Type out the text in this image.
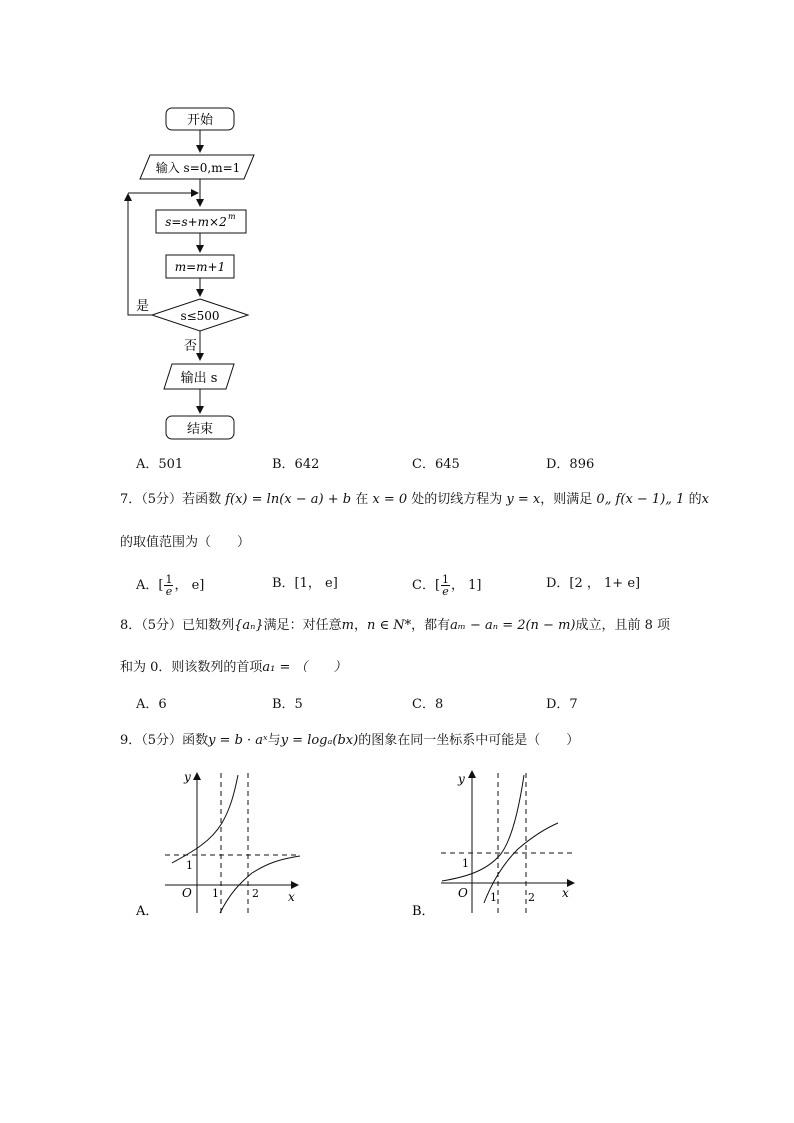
开始
输入 s=0,m=1
s=s+m×2 m
m=m+1
s≤500
是
否
输出 s
结束
A．501	B．642	C．645	D．896
7．（5分）若函数 f(x) = ln(x − a) + b 在 x = 0 处的切线方程为 y = x，则满足 0„ f(x − 1)„ 1 的x
的取值范围为（　　）
A．[ $\frac{1}{e}$ ， e]	B．[1， e]	C．[ $\frac{1}{e}$ ， 1]	D．[2 ， 1+ e]
8．（5分）已知数列{aₙ}满足：对任意m，n ∈ N*，都有aₘ − aₙ = 2(n − m)成立，且前 8 项
和为 0．则该数列的首项a₁ = （　　）
A．6	B．5	C．8	D．7
9．（5分）函数y = b · aˣ与y = logₐ(bx)的图象在同一坐标系中可能是（　　）
y
x
O
1
1	2
A．
y
x
O
1
1	2
B．
